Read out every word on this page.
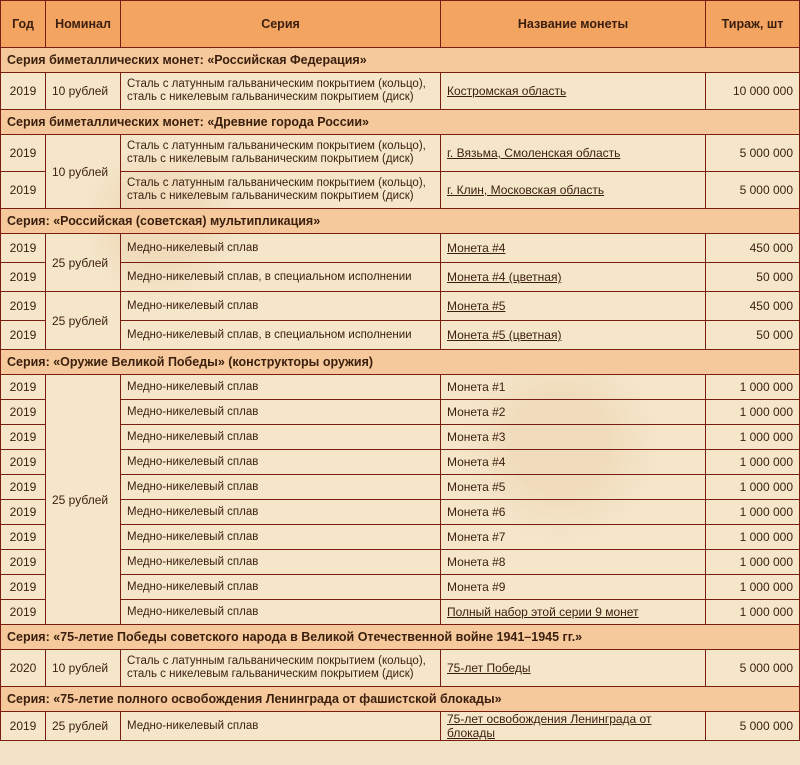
Год	Номинал	Серия	Название монеты	Тираж, шт
Серия биметаллических монет: «Российская Федерация»				
2019	10 рублей	Сталь с латунным гальваническим покрытием (кольцо), сталь с никелевым гальваническим покрытием (диск)	Костромская область	10 000 000
Серия биметаллических монет: «Древние города России»				
2019	10 рублей	Сталь с латунным гальваническим покрытием (кольцо), сталь с никелевым гальваническим покрытием (диск)	г. Вязьма, Смоленская область	5 000 000
2019		Сталь с латунным гальваническим покрытием (кольцо), сталь с никелевым гальваническим покрытием (диск)	г. Клин, Московская область	5 000 000
Серия: «Российская (советская) мультипликация»				
2019	25 рублей	Медно-никелевый сплав	Монета #4	450 000
2019		Медно-никелевый сплав, в специальном исполнении	Монета #4 (цветная)	50 000
2019	25 рублей	Медно-никелевый сплав	Монета #5	450 000
2019		Медно-никелевый сплав, в специальном исполнении	Монета #5 (цветная)	50 000
Серия: «Оружие Великой Победы» (конструкторы оружия)				
2019	25 рублей	Медно-никелевый сплав	Монета #1	1 000 000
2019		Медно-никелевый сплав	Монета #2	1 000 000
2019		Медно-никелевый сплав	Монета #3	1 000 000
2019		Медно-никелевый сплав	Монета #4	1 000 000
2019		Медно-никелевый сплав	Монета #5	1 000 000
2019		Медно-никелевый сплав	Монета #6	1 000 000
2019		Медно-никелевый сплав	Монета #7	1 000 000
2019		Медно-никелевый сплав	Монета #8	1 000 000
2019		Медно-никелевый сплав	Монета #9	1 000 000
2019		Медно-никелевый сплав	Полный набор этой серии 9 монет	1 000 000
Серия: «75-летие Победы советского народа в Великой Отечественной войне 1941–1945 гг.»				
2020	10 рублей	Сталь с латунным гальваническим покрытием (кольцо), сталь с никелевым гальваническим покрытием (диск)	75-лет Победы	5 000 000
Серия: «75-летие полного освобождения Ленинграда от фашистской блокады»				
2019	25 рублей	Медно-никелевый сплав	75-лет освобождения Ленинграда от блокады	5 000 000
